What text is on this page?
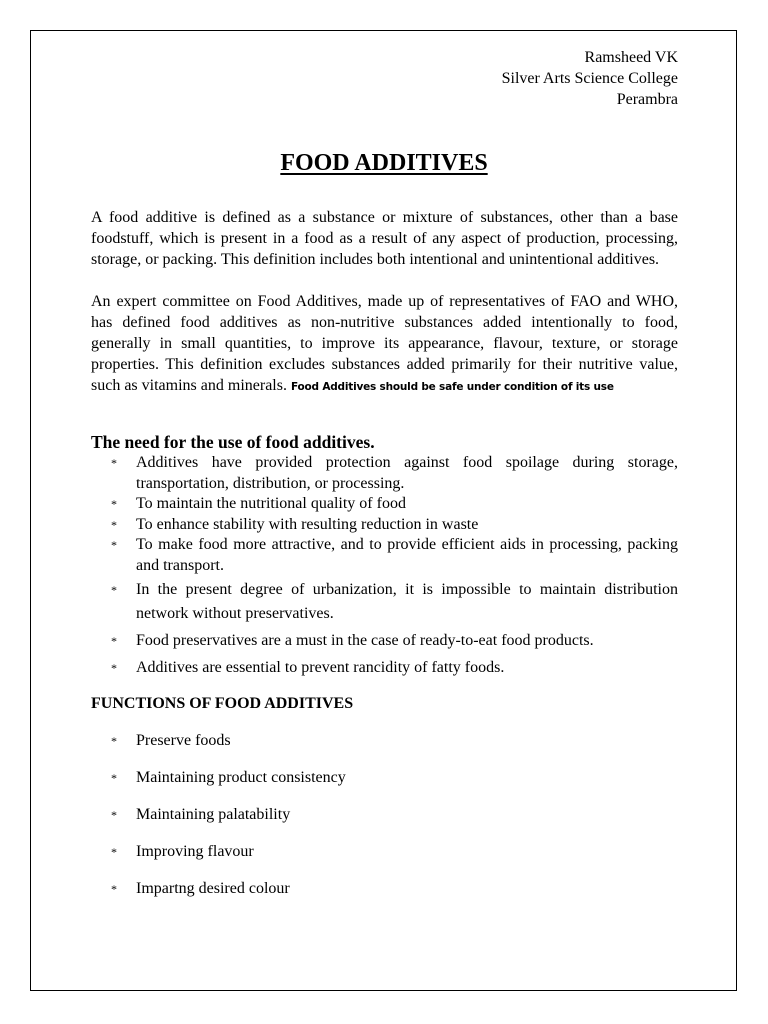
Ramsheed VK
Silver Arts Science College
Perambra
FOOD ADDITIVES

A food additive is defined as a substance or mixture of substances, other than a base foodstuff, which is present in a food as a result of any aspect of production, processing, storage, or packing. This definition includes both intentional and unintentional additives.

An expert committee on Food Additives, made up of representatives of FAO and WHO, has defined food additives as non-nutritive substances added intentionally to food, generally in small quantities, to improve its appearance, flavour, texture, or storage properties. This definition excludes substances added primarily for their nutritive value, such as vitamins and minerals. Food Additives should be safe under condition of its use

The need for the use of food additives.
* Additives have provided protection against food spoilage during storage, transportation, distribution, or processing.
* To maintain the nutritional quality of food
* To enhance stability with resulting reduction in waste
* To make food more attractive, and to provide efficient aids in processing, packing and transport.
* In the present degree of urbanization, it is impossible to maintain distribution network without preservatives.
* Food preservatives are a must in the case of ready-to-eat food products.
* Additives are essential to prevent rancidity of fatty foods.
FUNCTIONS OF FOOD ADDITIVES
* Preserve foods
* Maintaining product consistency
* Maintaining palatability
* Improving flavour
* Impartng desired colour
